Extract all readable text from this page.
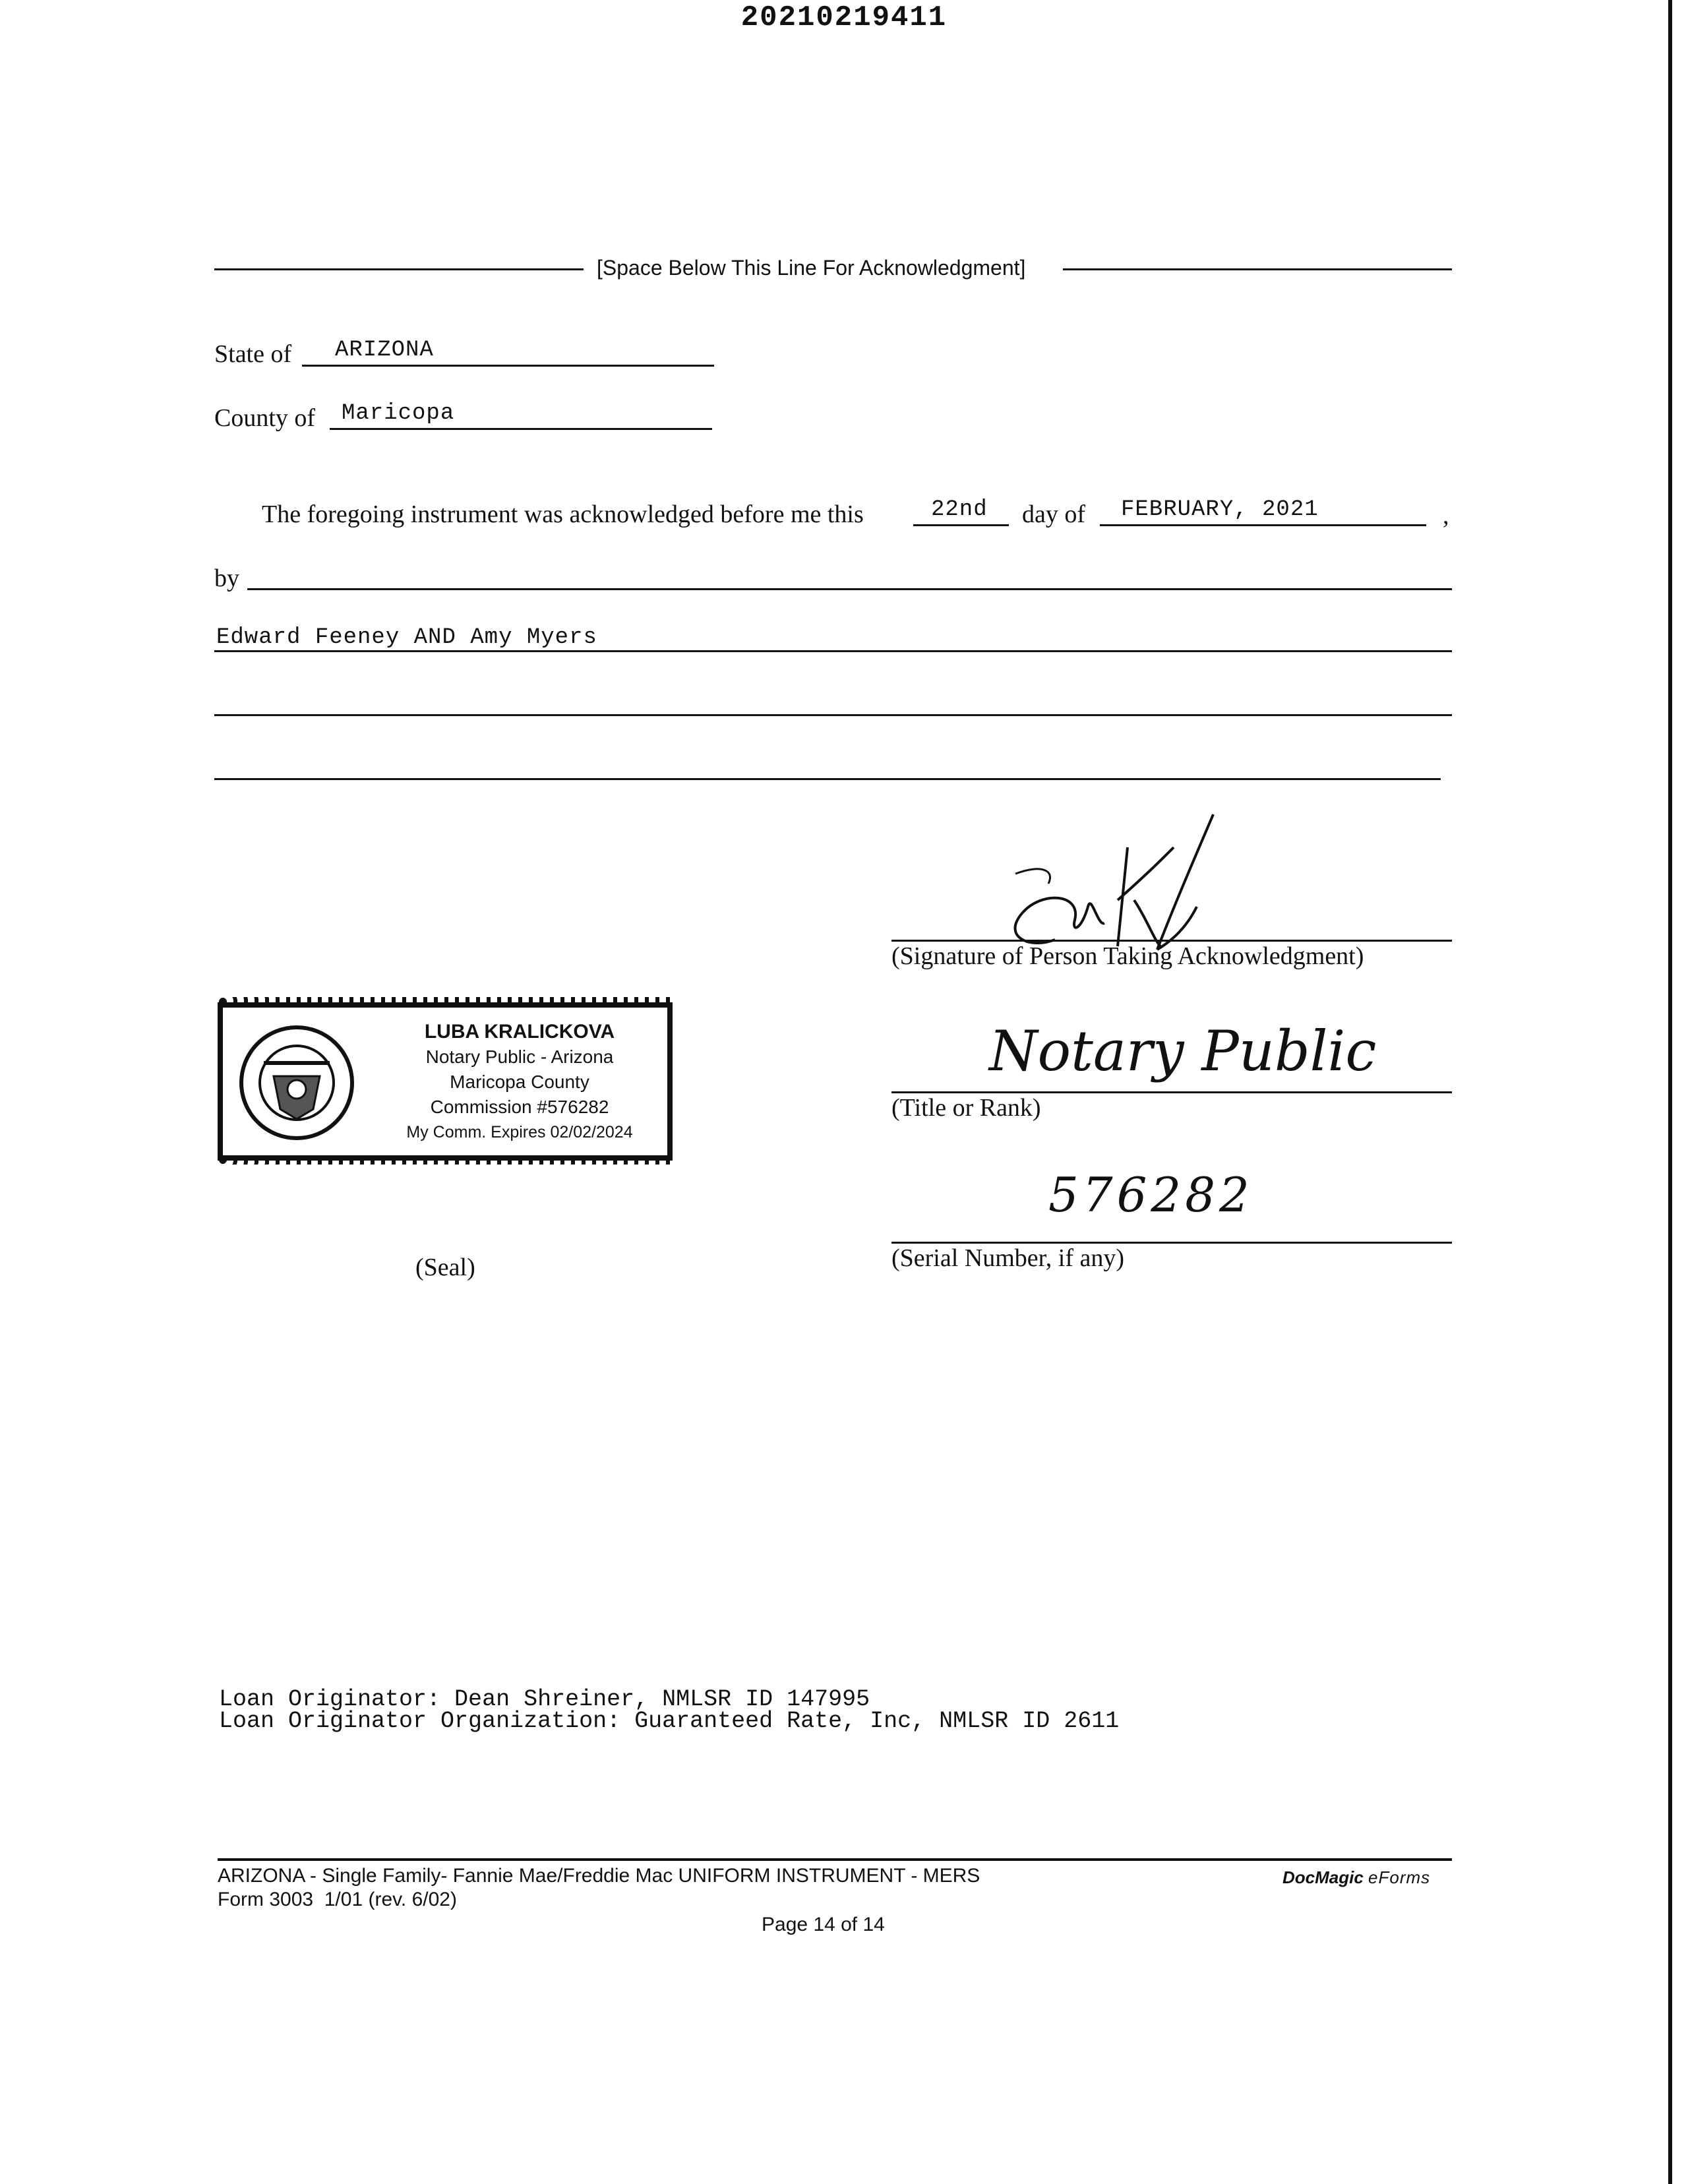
20210219411
[Space Below This Line For Acknowledgment]
State of ARIZONA
County of Maricopa
The foregoing instrument was acknowledged before me this	22nd day of FEBRUARY, 2021	,
by
Edward Feeney AND Amy Myers
(Signature of Person Taking Acknowledgment)
LUBA KRALICKOVA
Notary Public - Arizona
Maricopa County
Commission #576282
My Comm. Expires 02/02/2024
Notary Public
(Title or Rank)
576282
(Serial Number, if any)
(Seal)
Loan Originator: Dean Shreiner, NMLSR ID 147995
Loan Originator Organization: Guaranteed Rate, Inc, NMLSR ID 2611
ARIZONA - Single Family- Fannie Mae/Freddie Mac UNIFORM INSTRUMENT - MERS
Form 3003  1/01 (rev. 6/02)
Page 14 of 14
DocMagic eForms
